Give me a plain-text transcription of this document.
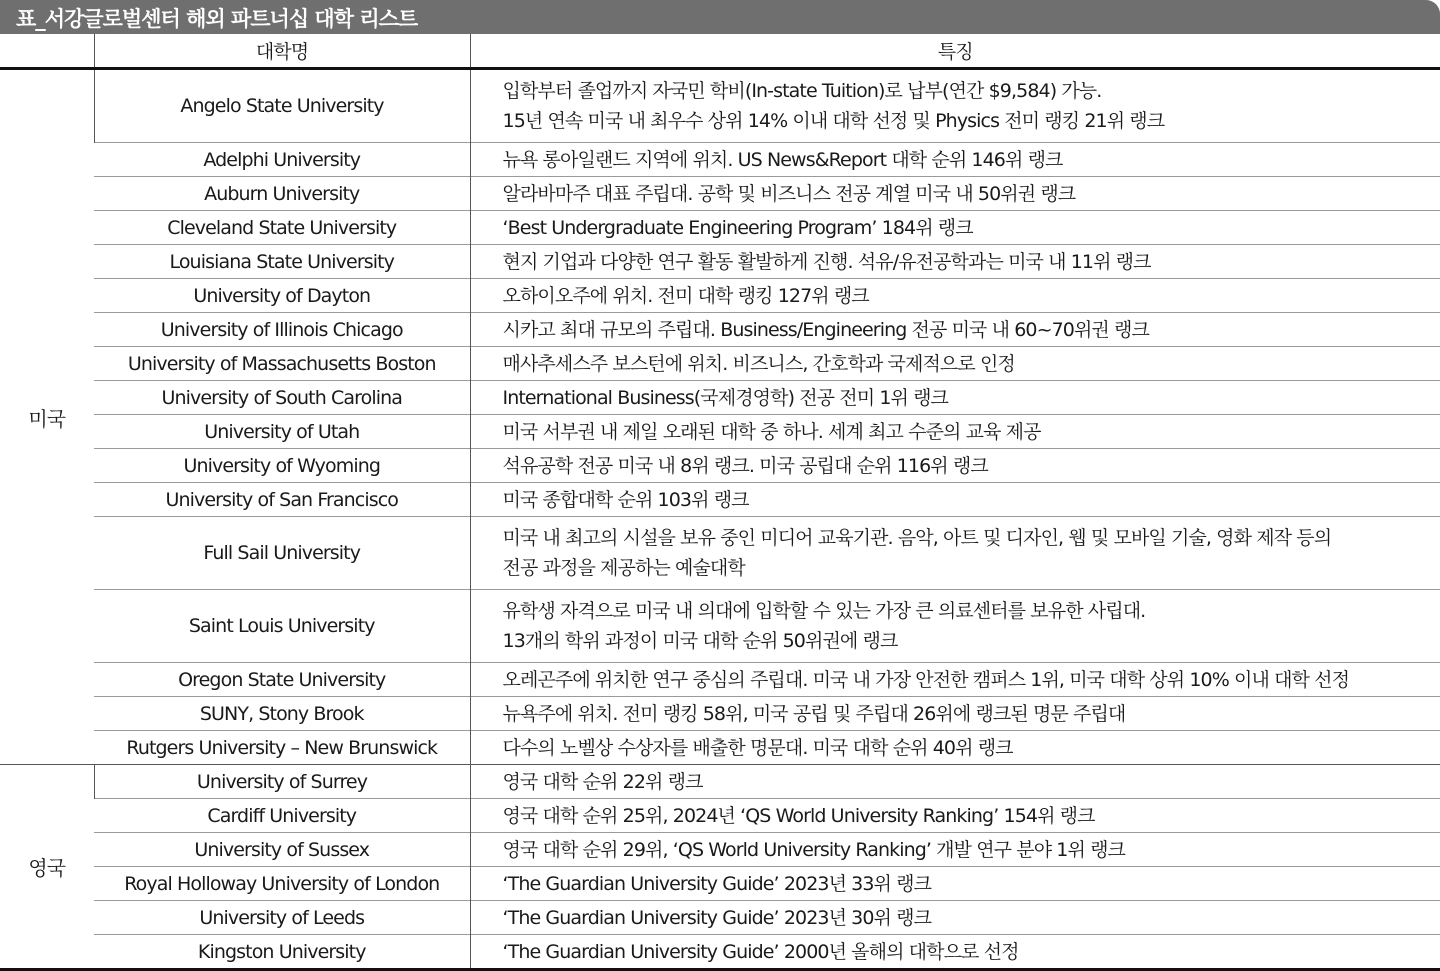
표_서강글로벌센터 해외 파트너십 대학 리스트
	대학명	특징
미국	Angelo State University	입학부터 졸업까지 자국민 학비(In-state Tuition)로 납부(연간 $9,584) 가능.
15년 연속 미국 내 최우수 상위 14% 이내 대학 선정 및 Physics 전미 랭킹 21위 랭크

	Adelphi University	뉴욕 롱아일랜드 지역에 위치. US News&Report 대학 순위 146위 랭크

	Auburn University	알라바마주 대표 주립대. 공학 및 비즈니스 전공 계열 미국 내 50위권 랭크

	Cleveland State University	‘Best Undergraduate Engineering Program’ 184위 랭크

	Louisiana State University	현지 기업과 다양한 연구 활동 활발하게 진행. 석유/유전공학과는 미국 내 11위 랭크

	University of Dayton	오하이오주에 위치. 전미 대학 랭킹 127위 랭크

	University of Illinois Chicago	시카고 최대 규모의 주립대. Business/Engineering 전공 미국 내 60~70위권 랭크

	University of Massachusetts Boston	매사추세스주 보스턴에 위치. 비즈니스, 간호학과 국제적으로 인정

	University of South Carolina	International Business(국제경영학) 전공 전미 1위 랭크

	University of Utah	미국 서부권 내 제일 오래된 대학 중 하나. 세계 최고 수준의 교육 제공

	University of Wyoming	석유공학 전공 미국 내 8위 랭크. 미국 공립대 순위 116위 랭크

	University of San Francisco	미국 종합대학 순위 103위 랭크

	Full Sail University	미국 내 최고의 시설을 보유 중인 미디어 교육기관. 음악, 아트 및 디자인, 웹 및 모바일 기술, 영화 제작 등의
전공 과정을 제공하는 예술대학

	Saint Louis University	유학생 자격으로 미국 내 의대에 입학할 수 있는 가장 큰 의료센터를 보유한 사립대.
13개의 학위 과정이 미국 대학 순위 50위권에 랭크

	Oregon State University	오레곤주에 위치한 연구 중심의 주립대. 미국 내 가장 안전한 캠퍼스 1위, 미국 대학 상위 10% 이내 대학 선정

	SUNY, Stony Brook	뉴욕주에 위치. 전미 랭킹 58위, 미국 공립 및 주립대 26위에 랭크된 명문 주립대

	Rutgers University – New Brunswick	다수의 노벨상 수상자를 배출한 명문대. 미국 대학 순위 40위 랭크

영국	University of Surrey	영국 대학 순위 22위 랭크

	Cardiff University	영국 대학 순위 25위, 2024년 ‘QS World University Ranking’ 154위 랭크

	University of Sussex	영국 대학 순위 29위, ‘QS World University Ranking’ 개발 연구 분야 1위 랭크

	Royal Holloway University of London	‘The Guardian University Guide’ 2023년 33위 랭크

	University of Leeds	‘The Guardian University Guide’ 2023년 30위 랭크

	Kingston University	‘The Guardian University Guide’ 2000년 올해의 대학으로 선정
